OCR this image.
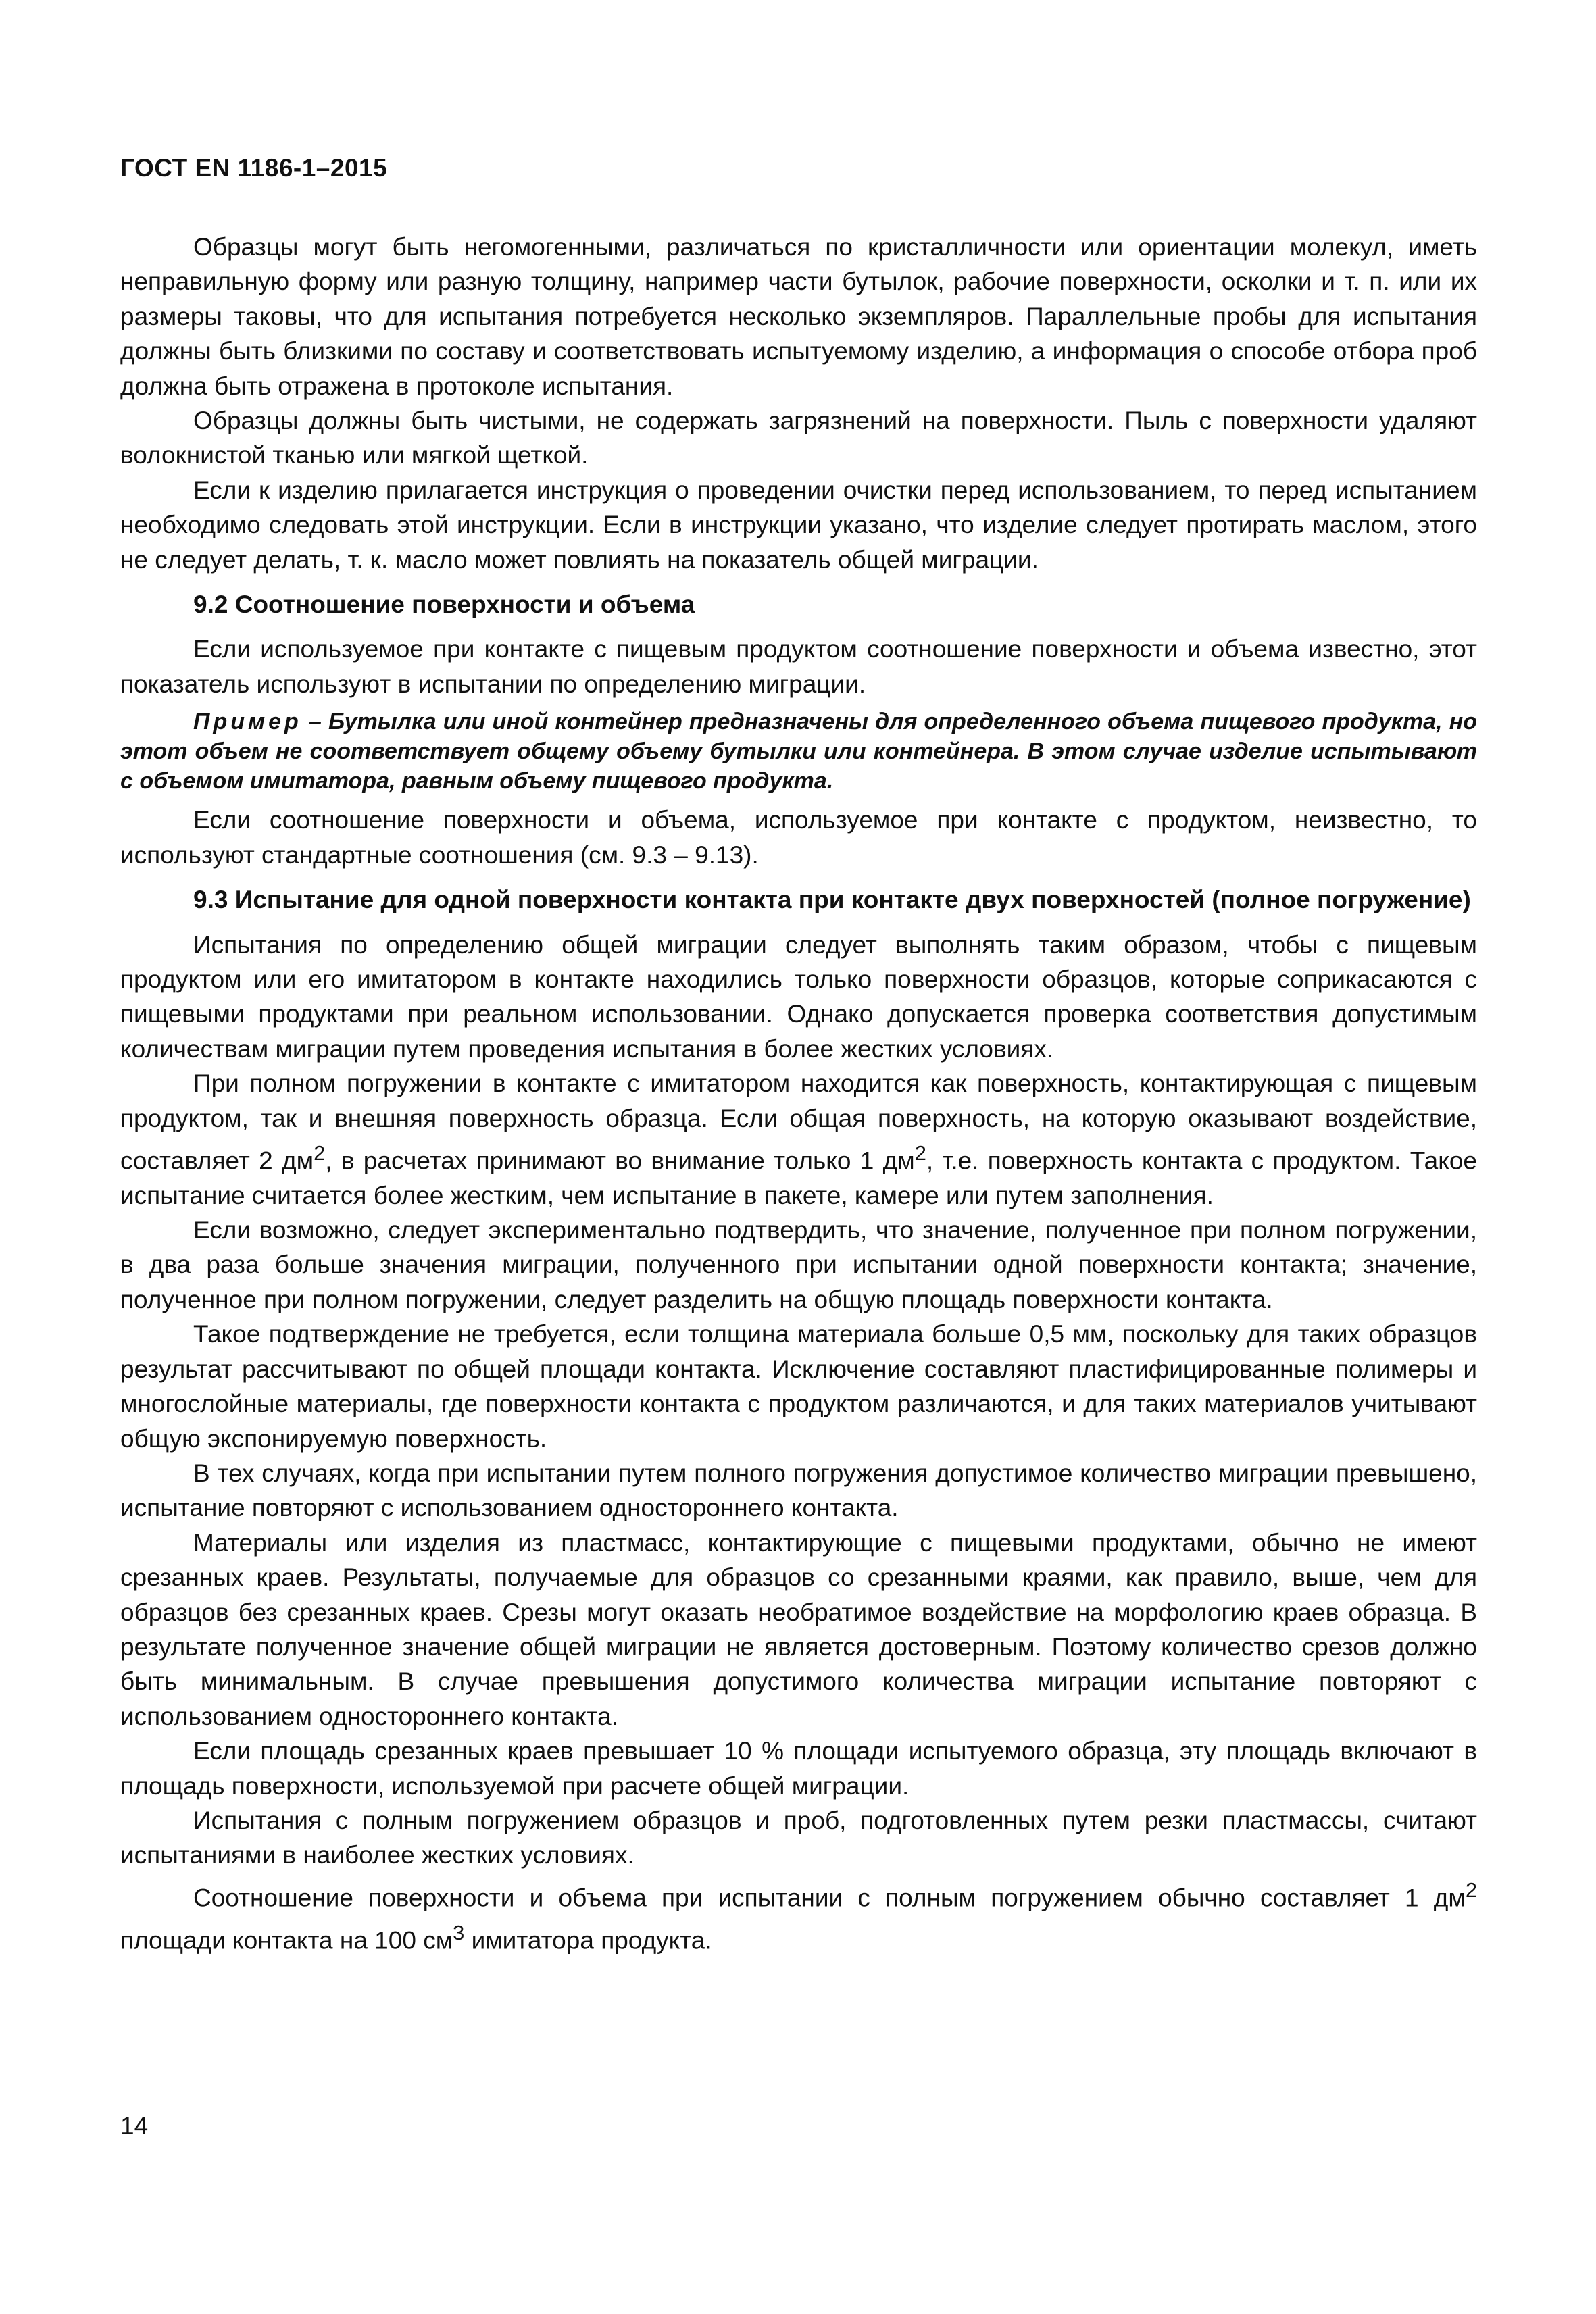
ГОСТ EN 1186-1–2015

Образцы могут быть негомогенными, различаться по кристалличности или ориентации молекул, иметь неправильную форму или разную толщину, например части бутылок, рабочие поверхности, осколки и т. п. или их размеры таковы, что для испытания потребуется несколько экземпляров. Параллельные пробы для испытания должны быть близкими по составу и соответствовать испытуемому изделию, а информация о способе отбора проб должна быть отражена в протоколе испытания.

Образцы должны быть чистыми, не содержать загрязнений на поверхности. Пыль с поверхности удаляют волокнистой тканью или мягкой щеткой.

Если к изделию прилагается инструкция о проведении очистки перед использованием, то перед испытанием необходимо следовать этой инструкции. Если в инструкции указано, что изделие следует протирать маслом, этого не следует делать, т. к. масло может повлиять на показатель общей миграции.

9.2 Соотношение поверхности и объема

Если используемое при контакте с пищевым продуктом соотношение поверхности и объема известно, этот показатель используют в испытании по определению миграции.

Пример – Бутылка или иной контейнер предназначены для определенного объема пищевого продукта, но этот объем не соответствует общему объему бутылки или контейнера. В этом случае изделие испытывают с объемом имитатора, равным объему пищевого продукта.

Если соотношение поверхности и объема, используемое при контакте с продуктом, неизвестно, то используют стандартные соотношения (см. 9.3 – 9.13).

9.3 Испытание для одной поверхности контакта при контакте двух поверхностей (полное погружение)

Испытания по определению общей миграции следует выполнять таким образом, чтобы с пищевым продуктом или его имитатором в контакте находились только поверхности образцов, которые соприкасаются с пищевыми продуктами при реальном использовании. Однако допускается проверка соответствия допустимым количествам миграции путем проведения испытания в более жестких условиях.

При полном погружении в контакте с имитатором находится как поверхность, контактирующая с пищевым продуктом, так и внешняя поверхность образца. Если общая поверхность, на которую оказывают воздействие, составляет 2 $дм^2$, в расчетах принимают во внимание только 1 $дм^2$, т.е. поверхность контакта с продуктом. Такое испытание считается более жестким, чем испытание в пакете, камере или путем заполнения.

Если возможно, следует экспериментально подтвердить, что значение, полученное при полном погружении, в два раза больше значения миграции, полученного при испытании одной поверхности контакта; значение, полученное при полном погружении, следует разделить на общую площадь поверхности контакта.

Такое подтверждение не требуется, если толщина материала больше 0,5 мм, поскольку для таких образцов результат рассчитывают по общей площади контакта. Исключение составляют пластифицированные полимеры и многослойные материалы, где поверхности контакта с продуктом различаются, и для таких материалов учитывают общую экспонируемую поверхность.

В тех случаях, когда при испытании путем полного погружения допустимое количество миграции превышено, испытание повторяют с использованием одностороннего контакта.

Материалы или изделия из пластмасс, контактирующие с пищевыми продуктами, обычно не имеют срезанных краев. Результаты, получаемые для образцов со срезанными краями, как правило, выше, чем для образцов без срезанных краев. Срезы могут оказать необратимое воздействие на морфологию краев образца. В результате полученное значение общей миграции не является достоверным. Поэтому количество срезов должно быть минимальным. В случае превышения допустимого количества миграции испытание повторяют с использованием одностороннего контакта.

Если площадь срезанных краев превышает 10 % площади испытуемого образца, эту площадь включают в площадь поверхности, используемой при расчете общей миграции.

Испытания с полным погружением образцов и проб, подготовленных путем резки пластмассы, считают испытаниями в наиболее жестких условиях.

Соотношение поверхности и объема при испытании с полным погружением обычно составляет 1 $дм^2$ площади контакта на 100 $см^3$ имитатора продукта.

14
